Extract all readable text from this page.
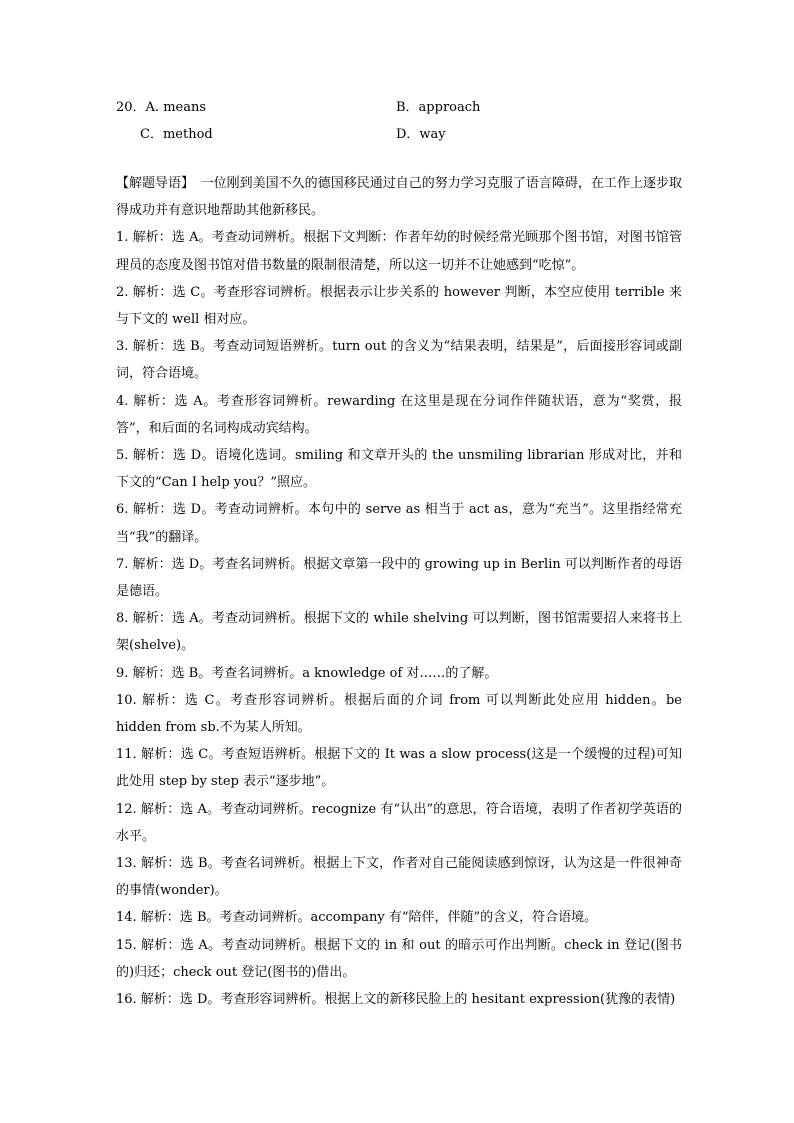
20．A. means	B．approach
C．method	D．way

【解题导语】　一位刚到美国不久的德国移民通过自己的努力学习克服了语言障碍，在工作上逐步取得成功并有意识地帮助其他新移民。

1. 解析：选 A。考查动词辨析。根据下文判断：作者年幼的时候经常光顾那个图书馆，对图书馆管理员的态度及图书馆对借书数量的限制很清楚，所以这一切并不让她感到“吃惊”。

2. 解析：选 C。考查形容词辨析。根据表示让步关系的 however 判断，本空应使用 terrible 来与下文的 well 相对应。

3. 解析：选 B。考查动词短语辨析。turn out 的含义为“结果表明，结果是”，后面接形容词或副词，符合语境。

4. 解析：选 A。考查形容词辨析。rewarding 在这里是现在分词作伴随状语，意为“奖赏，报答”，和后面的名词构成动宾结构。

5. 解析：选 D。语境化选词。smiling 和文章开头的 the unsmiling librarian 形成对比，并和下文的“Can I help you？”照应。

6. 解析：选 D。考查动词辨析。本句中的 serve as 相当于 act as，意为“充当”。这里指经常充当“我”的翻译。

7. 解析：选 D。考查名词辨析。根据文章第一段中的 growing up in Berlin 可以判断作者的母语是德语。

8. 解析：选 A。考查动词辨析。根据下文的 while shelving 可以判断，图书馆需要招人来将书上架(shelve)。

9. 解析：选 B。考查名词辨析。a knowledge of 对……的了解。

10. 解析：选 C。考查形容词辨析。根据后面的介词 from 可以判断此处应用 hidden。be hidden from sb.不为某人所知。

11. 解析：选 C。考查短语辨析。根据下文的 It was a slow process(这是一个缓慢的过程)可知此处用 step by step 表示“逐步地”。

12. 解析：选 A。考查动词辨析。recognize 有“认出”的意思，符合语境，表明了作者初学英语的水平。

13. 解析：选 B。考查名词辨析。根据上下文，作者对自己能阅读感到惊讶，认为这是一件很神奇的事情(wonder)。

14. 解析：选 B。考查动词辨析。accompany 有“陪伴，伴随”的含义，符合语境。

15. 解析：选 A。考查动词辨析。根据下文的 in 和 out 的暗示可作出判断。check in 登记(图书的)归还；check out 登记(图书的)借出。

16. 解析：选 D。考查形容词辨析。根据上文的新移民脸上的 hesitant expression(犹豫的表情)
